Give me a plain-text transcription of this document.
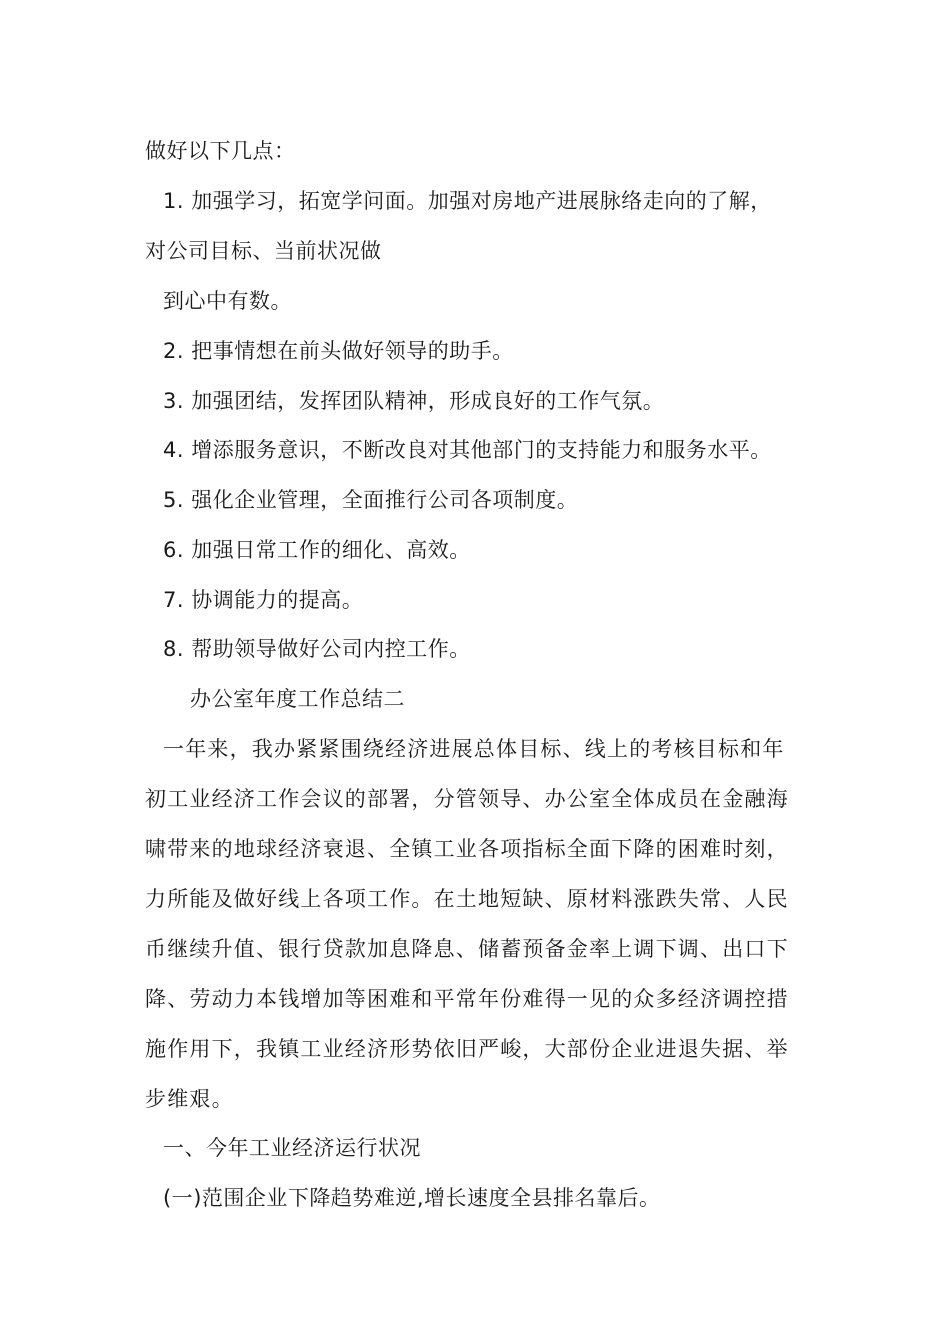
做好以下几点：
1. 加强学习，拓宽学问面。加强对房地产进展脉络走向的了解，
对公司目标、当前状况做
到心中有数。
2. 把事情想在前头做好领导的助手。
3. 加强团结，发挥团队精神，形成良好的工作气氛。
4. 增添服务意识，不断改良对其他部门的支持能力和服务水平。
5. 强化企业管理，全面推行公司各项制度。
6. 加强日常工作的细化、高效。
7. 协调能力的提高。
8. 帮助领导做好公司内控工作。
办公室年度工作总结二
一年来，我办紧紧围绕经济进展总体目标、线上的考核目标和年
初工业经济工作会议的部署，分管领导、办公室全体成员在金融海
啸带来的地球经济衰退、全镇工业各项指标全面下降的困难时刻，
力所能及做好线上各项工作。在土地短缺、原材料涨跌失常、人民
币继续升值、银行贷款加息降息、储蓄预备金率上调下调、出口下
降、劳动力本钱增加等困难和平常年份难得一见的众多经济调控措
施作用下，我镇工业经济形势依旧严峻，大部份企业进退失据、举
步维艰。
一、今年工业经济运行状况
(一)范围企业下降趋势难逆,增长速度全县排名靠后。
